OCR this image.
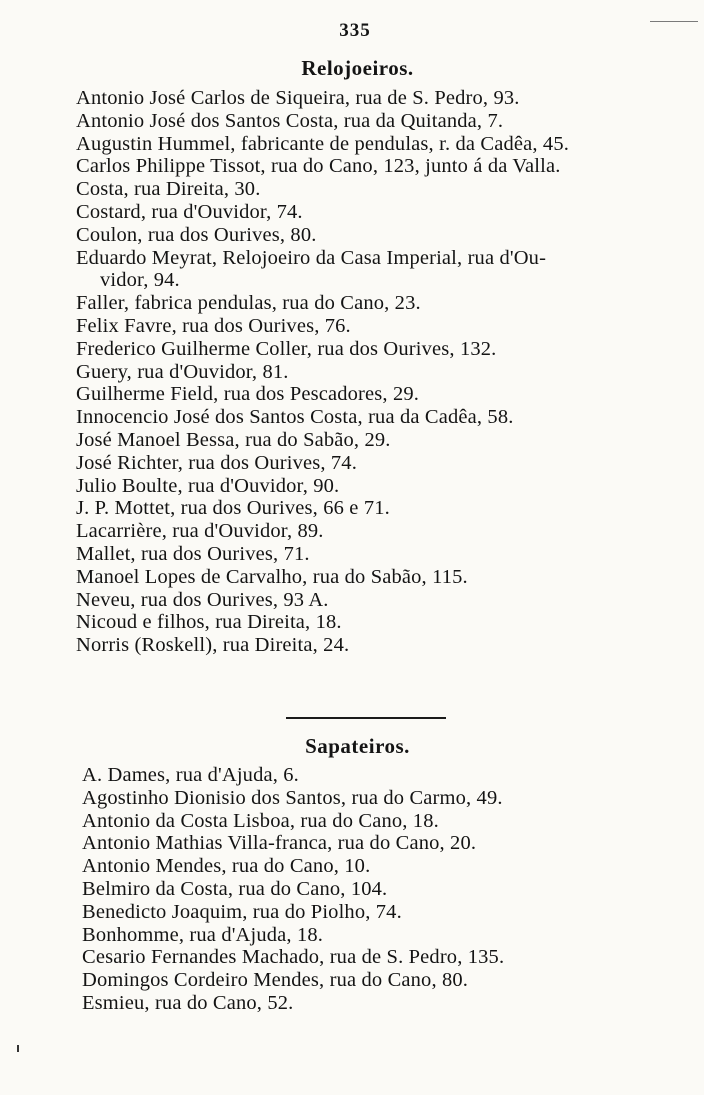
335
Relojoeiros.
Antonio José Carlos de Siqueira, rua de S. Pedro, 93.
Antonio José dos Santos Costa, rua da Quitanda, 7.
Augustin Hummel, fabricante de pendulas, r. da Cadêa, 45.
Carlos Philippe Tissot, rua do Cano, 123, junto á da Valla.
Costa, rua Direita, 30.
Costard, rua d'Ouvidor, 74.
Coulon, rua dos Ourives, 80.
Eduardo Meyrat, Relojoeiro da Casa Imperial, rua d'Ou-
vidor, 94.
Faller, fabrica pendulas, rua do Cano, 23.
Felix Favre, rua dos Ourives, 76.
Frederico Guilherme Coller, rua dos Ourives, 132.
Guery, rua d'Ouvidor, 81.
Guilherme Field, rua dos Pescadores, 29.
Innocencio José dos Santos Costa, rua da Cadêa, 58.
José Manoel Bessa, rua do Sabão, 29.
José Richter, rua dos Ourives, 74.
Julio Boulte, rua d'Ouvidor, 90.
J. P. Mottet, rua dos Ourives, 66 e 71.
Lacarrière, rua d'Ouvidor, 89.
Mallet, rua dos Ourives, 71.
Manoel Lopes de Carvalho, rua do Sabão, 115.
Neveu, rua dos Ourives, 93 A.
Nicoud e filhos, rua Direita, 18.
Norris (Roskell), rua Direita, 24.
Sapateiros.
A. Dames, rua d'Ajuda, 6.
Agostinho Dionisio dos Santos, rua do Carmo, 49.
Antonio da Costa Lisboa, rua do Cano, 18.
Antonio Mathias Villa-franca, rua do Cano, 20.
Antonio Mendes, rua do Cano, 10.
Belmiro da Costa, rua do Cano, 104.
Benedicto Joaquim, rua do Piolho, 74.
Bonhomme, rua d'Ajuda, 18.
Cesario Fernandes Machado, rua de S. Pedro, 135.
Domingos Cordeiro Mendes, rua do Cano, 80.
Esmieu, rua do Cano, 52.
